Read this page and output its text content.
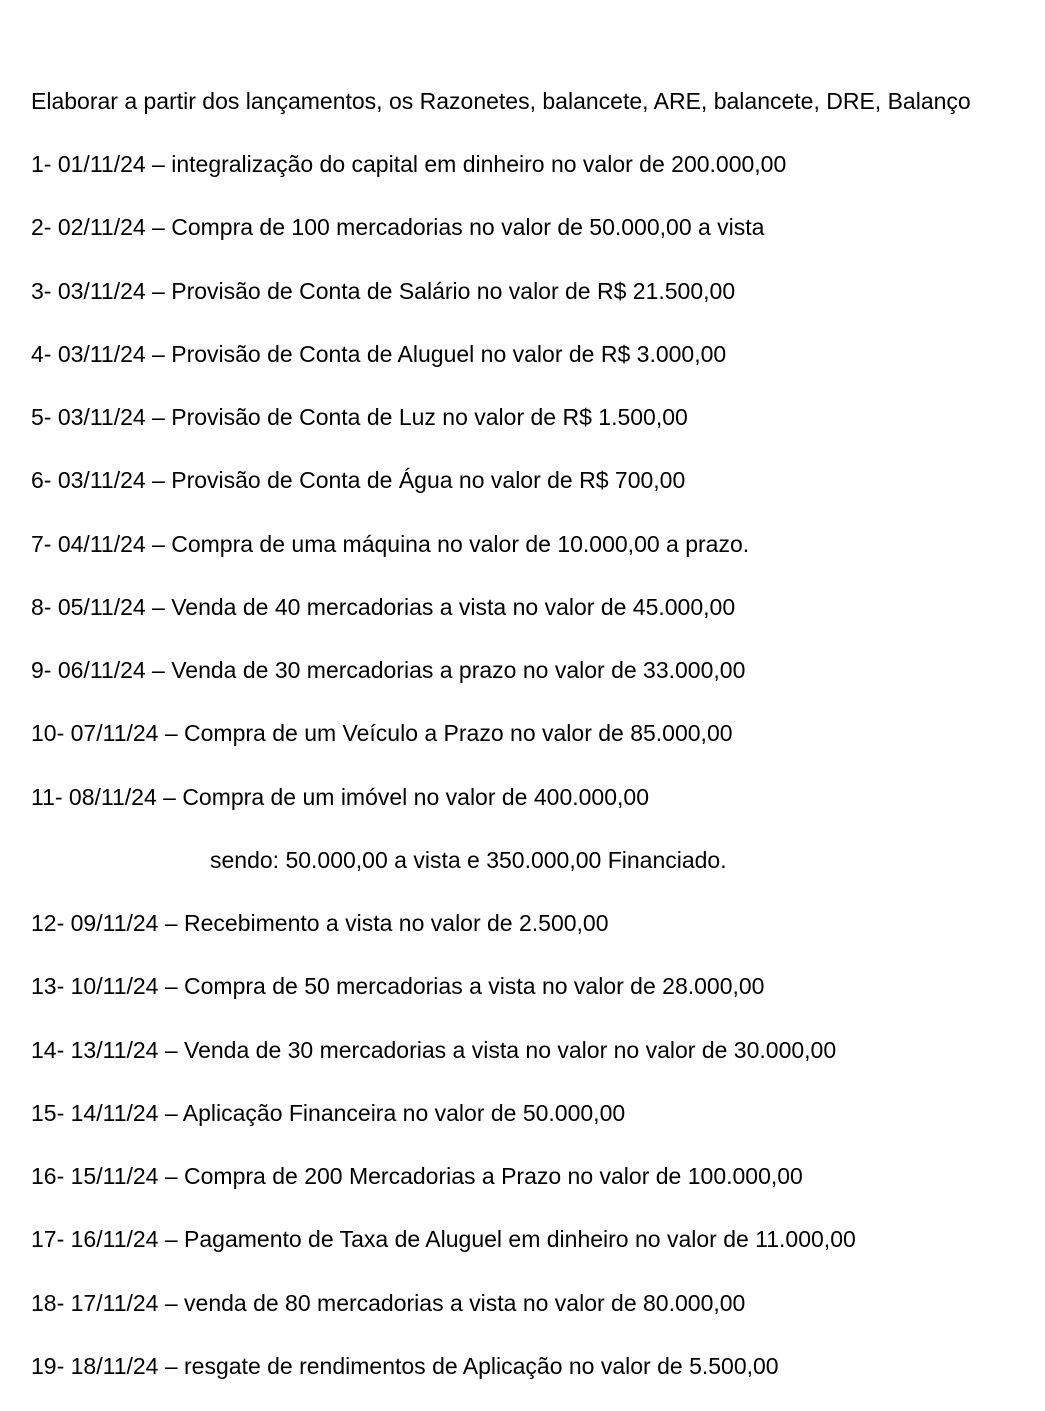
Elaborar a partir dos lançamentos, os Razonetes, balancete, ARE, balancete, DRE, Balanço
1- 01/11/24 – integralização do capital em dinheiro no valor de 200.000,00
2- 02/11/24 – Compra de 100 mercadorias no valor de 50.000,00 a vista
3- 03/11/24 – Provisão de Conta de Salário no valor de R$ 21.500,00
4- 03/11/24 – Provisão de Conta de Aluguel no valor de R$ 3.000,00
5- 03/11/24 – Provisão de Conta de Luz no valor de R$ 1.500,00
6- 03/11/24 – Provisão de Conta de Água no valor de R$ 700,00
7- 04/11/24 – Compra de uma máquina no valor de 10.000,00 a prazo.
8- 05/11/24 – Venda de 40 mercadorias a vista no valor de 45.000,00
9- 06/11/24 – Venda de 30 mercadorias a prazo no valor de 33.000,00
10- 07/11/24 – Compra de um Veículo a Prazo no valor de 85.000,00
11- 08/11/24 – Compra de um imóvel no valor de 400.000,00
sendo: 50.000,00 a vista e 350.000,00 Financiado.
12- 09/11/24 – Recebimento a vista no valor de 2.500,00
13- 10/11/24 – Compra de 50 mercadorias a vista no valor de 28.000,00
14- 13/11/24 – Venda de 30 mercadorias a vista no valor no valor de 30.000,00
15- 14/11/24 – Aplicação Financeira no valor de 50.000,00
16- 15/11/24 – Compra de 200 Mercadorias a Prazo no valor de 100.000,00
17- 16/11/24 – Pagamento de Taxa de Aluguel em dinheiro no valor de 11.000,00
18- 17/11/24 – venda de 80 mercadorias a vista no valor de 80.000,00
19- 18/11/24 – resgate de rendimentos de Aplicação no valor de 5.500,00
